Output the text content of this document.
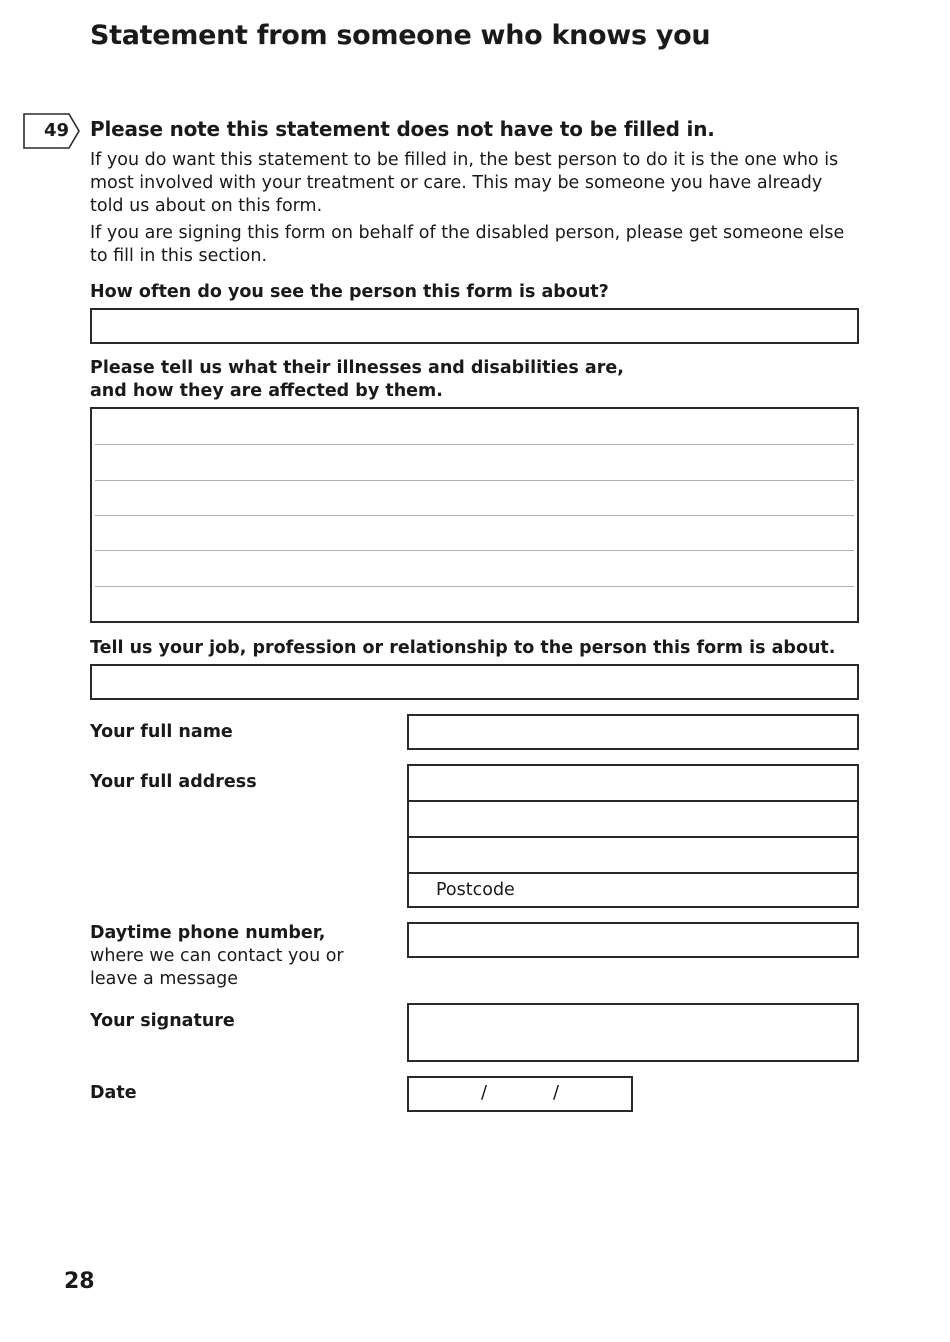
Statement from someone who knows you
49 Please note this statement does not have to be filled in.
If you do want this statement to be filled in, the best person to do it is the one who is most involved with your treatment or care. This may be someone you have already told us about on this form.
If you are signing this form on behalf of the disabled person, please get someone else to fill in this section.
How often do you see the person this form is about?
Please tell us what their illnesses and disabilities are,
and how they are affected by them.
Tell us your job, profession or relationship to the person this form is about.
Your full name
Your full address
Postcode
Daytime phone number,
where we can contact you or
leave a message
Your signature
Date	/	/
28
